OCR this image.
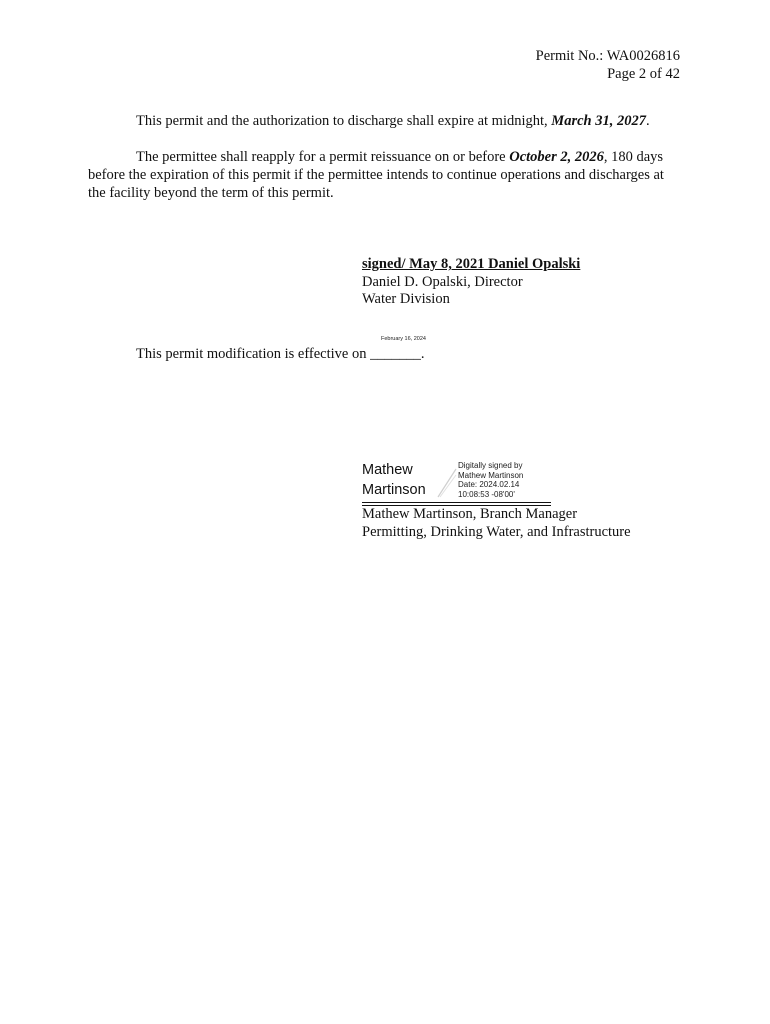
Permit No.: WA0026816
Page 2 of 42
This permit and the authorization to discharge shall expire at midnight, March 31, 2027.
The permittee shall reapply for a permit reissuance on or before October 2, 2026, 180 days before the expiration of this permit if the permittee intends to continue operations and discharges at the facility beyond the term of this permit.
signed/ May 8, 2021 Daniel Opalski
Daniel D. Opalski, Director
Water Division
February 16, 2024
This permit modification is effective on _______.
Mathew
Martinson
Digitally signed by
Mathew Martinson
Date: 2024.02.14
10:08:53 -08'00'
Mathew Martinson, Branch Manager
Permitting, Drinking Water, and Infrastructure
